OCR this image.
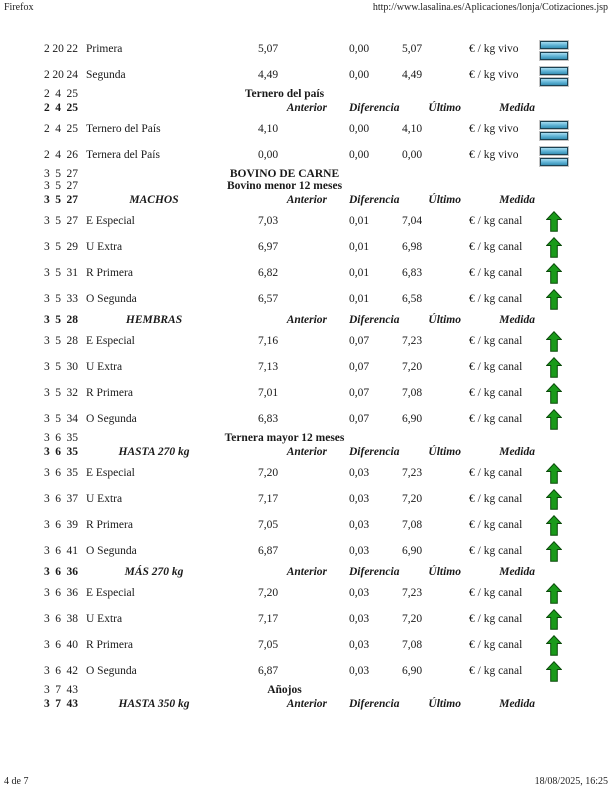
Firefox	http://www.lasalina.es/Aplicaciones/lonja/Cotizaciones.jsp
2 20 22 Primera	5,07	0,00	5,07	€ / kg vivo
2 20 24 Segunda	4,49	0,00	4,49	€ / kg vivo
2 4 25	Ternero del país
2 4 25	Anterior	Diferencia	Último	Medida
2 4 25 Ternero del País	4,10	0,00	4,10	€ / kg vivo
2 4 26 Ternera del País	0,00	0,00	0,00	€ / kg vivo
3 5 27	BOVINO DE CARNE
3 5 27	Bovino menor 12 meses
3 5 27	MACHOS	Anterior	Diferencia	Último	Medida
3 5 27 E Especial	7,03	0,01	7,04	€ / kg canal
3 5 29 U Extra	6,97	0,01	6,98	€ / kg canal
3 5 31 R Primera	6,82	0,01	6,83	€ / kg canal
3 5 33 O Segunda	6,57	0,01	6,58	€ / kg canal
3 5 28	HEMBRAS	Anterior	Diferencia	Último	Medida
3 5 28 E Especial	7,16	0,07	7,23	€ / kg canal
3 5 30 U Extra	7,13	0,07	7,20	€ / kg canal
3 5 32 R Primera	7,01	0,07	7,08	€ / kg canal
3 5 34 O Segunda	6,83	0,07	6,90	€ / kg canal
3 6 35	Ternera mayor 12 meses
3 6 35	HASTA 270 kg	Anterior	Diferencia	Último	Medida
3 6 35 E Especial	7,20	0,03	7,23	€ / kg canal
3 6 37 U Extra	7,17	0,03	7,20	€ / kg canal
3 6 39 R Primera	7,05	0,03	7,08	€ / kg canal
3 6 41 O Segunda	6,87	0,03	6,90	€ / kg canal
3 6 36	MÁS 270 kg	Anterior	Diferencia	Último	Medida
3 6 36 E Especial	7,20	0,03	7,23	€ / kg canal
3 6 38 U Extra	7,17	0,03	7,20	€ / kg canal
3 6 40 R Primera	7,05	0,03	7,08	€ / kg canal
3 6 42 O Segunda	6,87	0,03	6,90	€ / kg canal
3 7 43	Añojos
3 7 43	HASTA 350 kg	Anterior	Diferencia	Último	Medida
4 de 7	18/08/2025, 16:25
